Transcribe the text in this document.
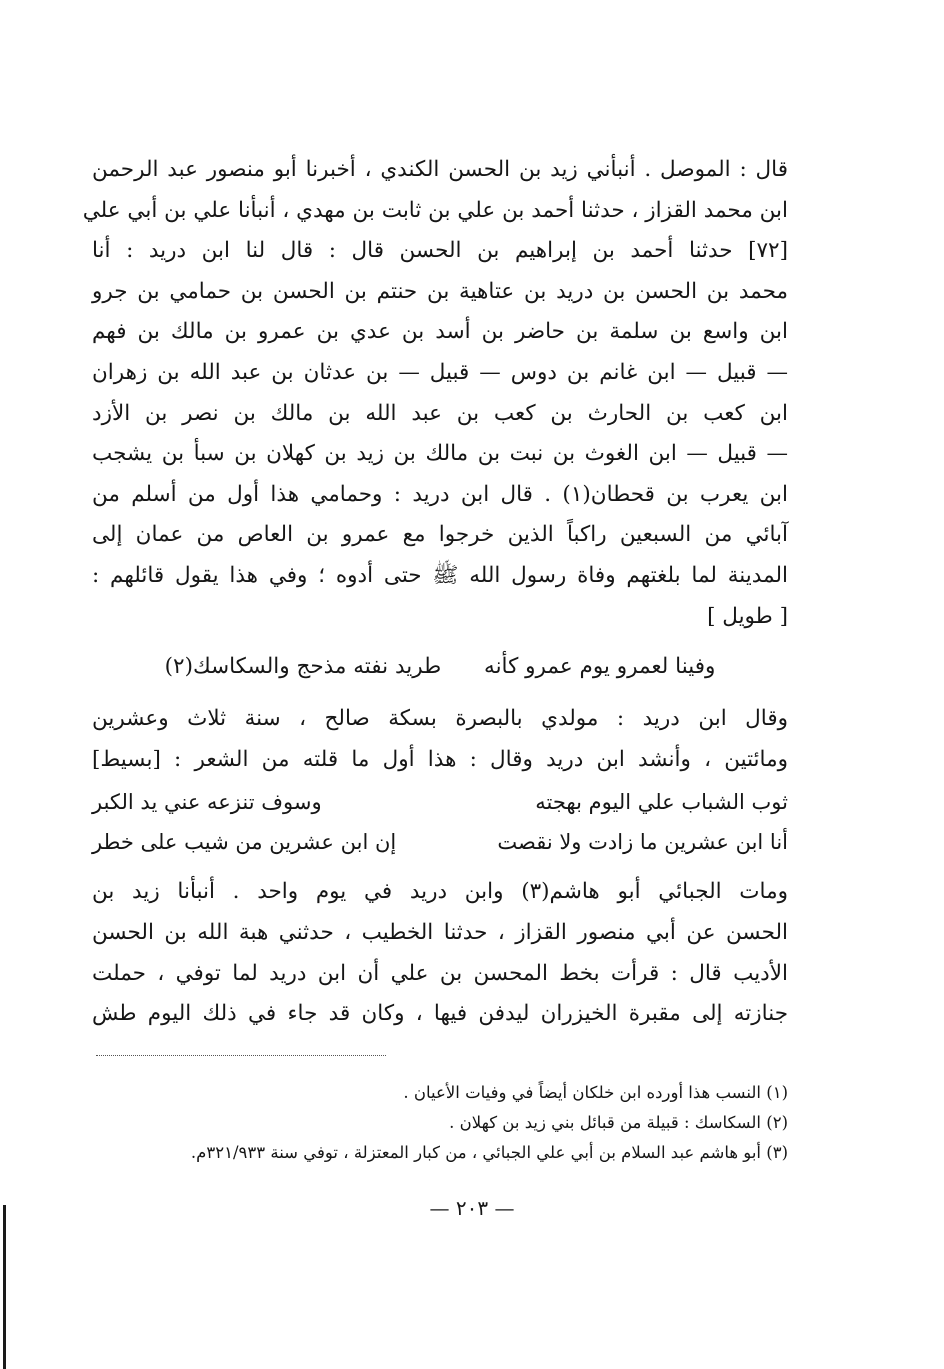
قال : الموصل . أنبأني زيد بن الحسن الكندي ، أخبرنا أبو منصور عبد الرحمن
ابن محمد القزاز ، حدثنا أحمد بن علي بن ثابت بن مهدي ، أنبأنا علي بن أبي علي
[٧٢] حدثنا أحمد بن إبراهيم بن الحسن قال : قال لنا ابن دريد : أنا
محمد بن الحسن بن دريد بن عتاهية بن حنتم بن الحسن بن حمامي بن جرو
ابن واسع بن سلمة بن حاضر بن أسد بن عدي بن عمرو بن مالك بن فهم
— قبيل — ابن غانم بن دوس — قبيل — بن عدثان بن عبد الله بن زهران
ابن كعب بن الحارث بن كعب بن عبد الله بن مالك بن نصر بن الأزد
— قبيل — ابن الغوث بن نبت بن مالك بن زيد بن كهلان بن سبأ بن يشجب
ابن يعرب بن قحطان(١) . قال ابن دريد : وحمامي هذا أول من أسلم من
آبائي من السبعين راكباً الذين خرجوا مع عمرو بن العاص من عمان إلى
المدينة لما بلغتهم وفاة رسول الله ﷺ حتى أدوه ؛ وفي هذا يقول قائلهم :
[ طويل ]
وفينا لعمرو يوم عمرو كأنه طريد نفته مذحج والسكاسك(٢)
وقال ابن دريد : مولدي بالبصرة بسكة صالح ، سنة ثلاث وعشرين
ومائتين ، وأنشد ابن دريد وقال : هذا أول ما قلته من الشعر : [بسيط]
ثوب الشباب علي اليوم بهجته
وسوف تنزعه عني يد الكبر
أنا ابن عشرين ما زادت ولا نقصت
إن ابن عشرين من شيب على خطر
ومات الجبائي أبو هاشم(٣) وابن دريد في يوم واحد . أنبأنا زيد بن
الحسن عن أبي منصور القزاز ، حدثنا الخطيب ، حدثني هبة الله بن الحسن
الأديب قال : قرأت بخط المحسن بن علي أن ابن دريد لما توفي ، حملت
جنازته إلى مقبرة الخيزران ليدفن فيها ، وكان قد جاء في ذلك اليوم طش
(١) النسب هذا أورده ابن خلكان أيضاً في وفيات الأعيان .
(٢) السكاسك : قبيلة من قبائل بني زيد بن كهلان .
(٣) أبو هاشم عبد السلام بن أبي علي الجبائي ، من كبار المعتزلة ، توفي سنة ٣٢١/٩٣٣م.
— ٢٠٣ —
